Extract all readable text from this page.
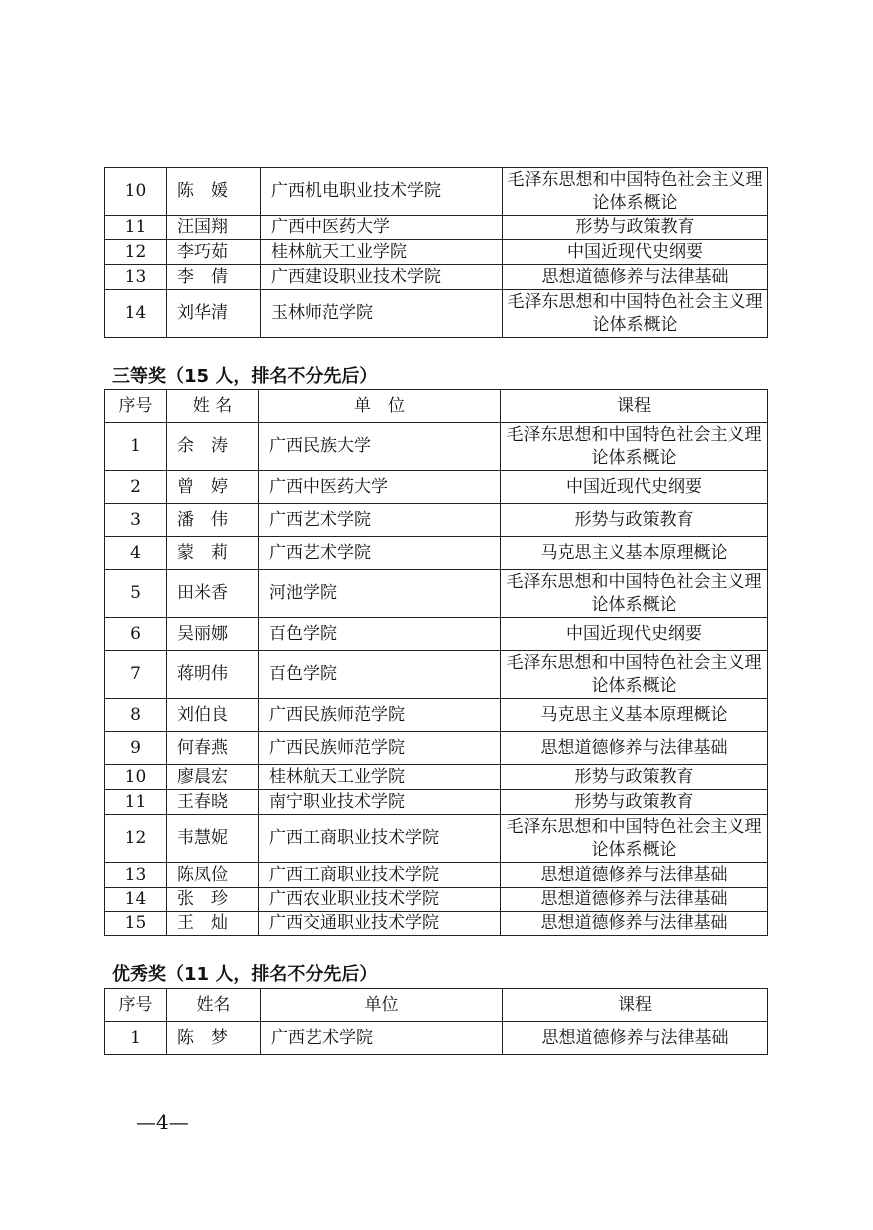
10	陈　媛	广西机电职业技术学院	毛泽东思想和中国特色社会主义理论体系概论
11	汪国翔	广西中医药大学	形势与政策教育
12	李巧茹	桂林航天工业学院	中国近现代史纲要
13	李　倩	广西建设职业技术学院	思想道德修养与法律基础
14	刘华清	玉林师范学院	毛泽东思想和中国特色社会主义理论体系概论
三等奖（15 人，排名不分先后）
序号	姓 名	单　位	课程
1	余　涛	广西民族大学	毛泽东思想和中国特色社会主义理论体系概论
2	曾　婷	广西中医药大学	中国近现代史纲要
3	潘　伟	广西艺术学院	形势与政策教育
4	蒙　莉	广西艺术学院	马克思主义基本原理概论
5	田米香	河池学院	毛泽东思想和中国特色社会主义理论体系概论
6	吴丽娜	百色学院	中国近现代史纲要
7	蒋明伟	百色学院	毛泽东思想和中国特色社会主义理论体系概论
8	刘伯良	广西民族师范学院	马克思主义基本原理概论
9	何春燕	广西民族师范学院	思想道德修养与法律基础
10	廖晨宏	桂林航天工业学院	形势与政策教育
11	王春晓	南宁职业技术学院	形势与政策教育
12	韦慧妮	广西工商职业技术学院	毛泽东思想和中国特色社会主义理论体系概论
13	陈凤俭	广西工商职业技术学院	思想道德修养与法律基础
14	张　珍	广西农业职业技术学院	思想道德修养与法律基础
15	王　灿	广西交通职业技术学院	思想道德修养与法律基础
优秀奖（11 人，排名不分先后）
序号	姓名	单位	课程
1	陈　梦	广西艺术学院	思想道德修养与法律基础
—4—
